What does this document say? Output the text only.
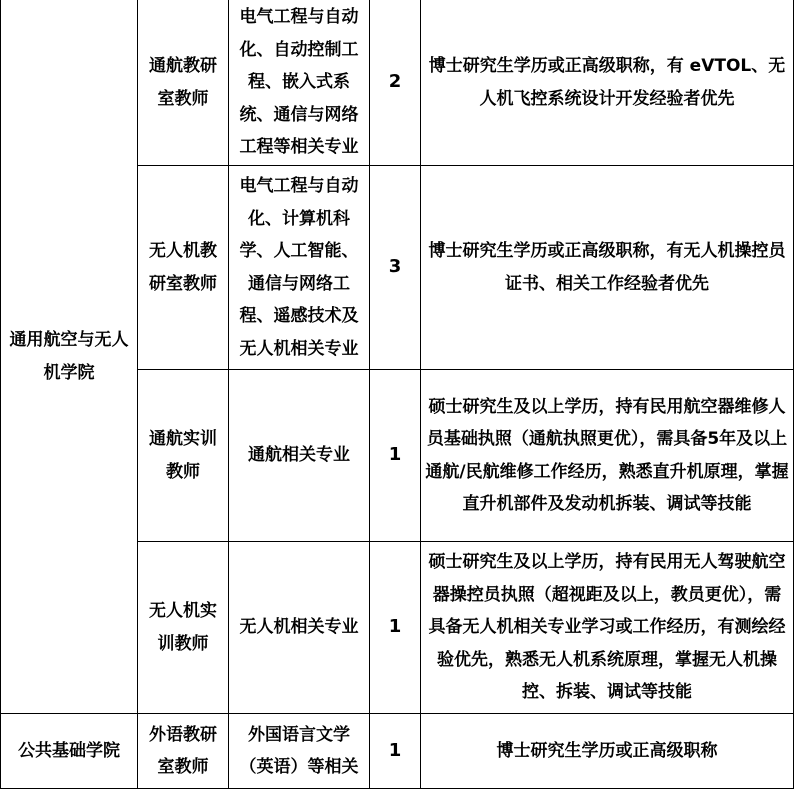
通用航空与无人机学院	通航教研室教师	电气工程与自动化、自动控制工程、嵌入式系统、通信与网络工程等相关专业	2	博士研究生学历或正高级职称，有 eVTOL、无人机飞控系统设计开发经验者优先
	无人机教研室教师	电气工程与自动化、计算机科学、人工智能、通信与网络工程、遥感技术及无人机相关专业	3	博士研究生学历或正高级职称，有无人机操控员证书、相关工作经验者优先
	通航实训教师	通航相关专业	1	硕士研究生及以上学历，持有民用航空器维修人员基础执照（通航执照更优），需具备5年及以上通航/民航维修工作经历，熟悉直升机原理，掌握直升机部件及发动机拆装、调试等技能
	无人机实训教师	无人机相关专业	1	硕士研究生及以上学历，持有民用无人驾驶航空器操控员执照（超视距及以上，教员更优），需具备无人机相关专业学习或工作经历，有测绘经验优先，熟悉无人机系统原理，掌握无人机操控、拆装、调试等技能
公共基础学院	外语教研室教师	外国语言文学（英语）等相关	1	博士研究生学历或正高级职称
